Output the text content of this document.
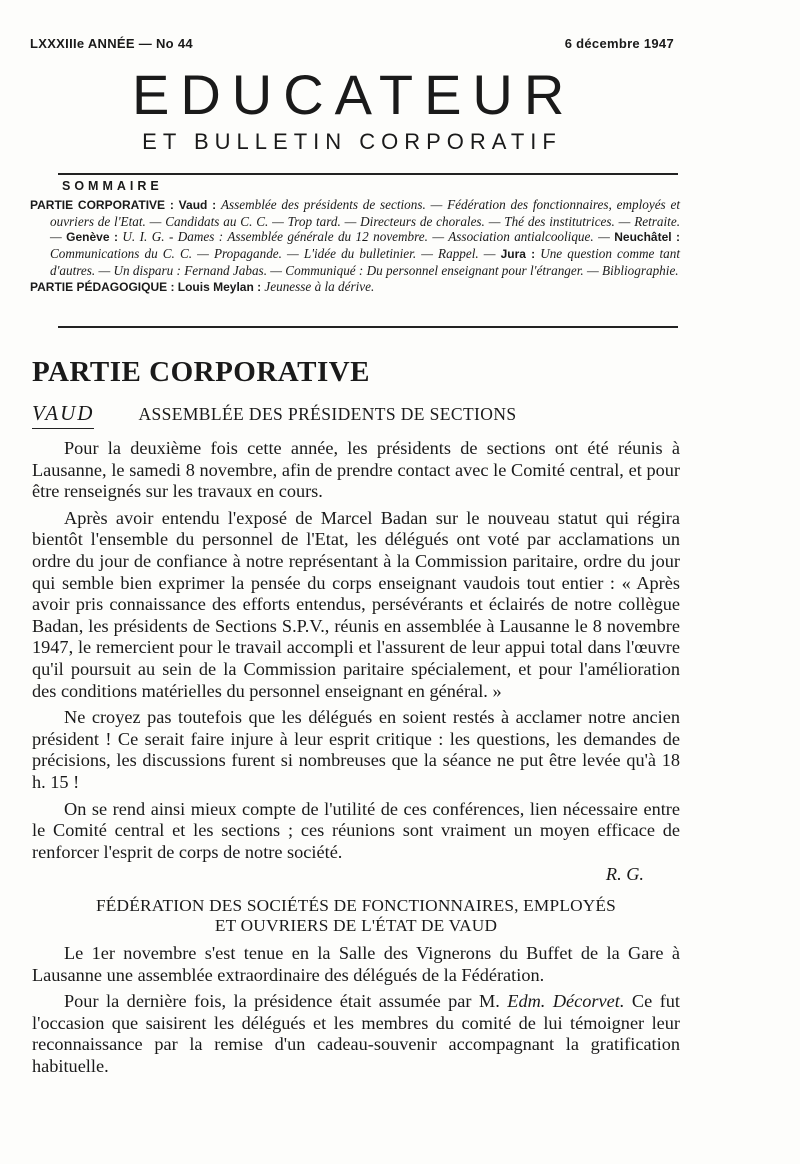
LXXXIIIe ANNÉE — No 44	6 décembre 1947
EDUCATEUR
ET BULLETIN CORPORATIF
SOMMAIRE

PARTIE CORPORATIVE : Vaud : Assemblée des présidents de sections. — Fédération des fonctionnaires, employés et ouvriers de l'Etat. — Candidats au C. C. — Trop tard. — Directeurs de chorales. — Thé des institutrices. — Retraite. — Genève : U. I. G. - Dames : Assemblée générale du 12 novembre. — Association antialcoolique. — Neuchâtel : Communications du C. C. — Propagande. — L'idée du bulletinier. — Rappel. — Jura : Une question comme tant d'autres. — Un disparu : Fernand Jabas. — Communiqué : Du personnel enseignant pour l'étranger. — Bibliographie.

PARTIE PÉDAGOGIQUE : Louis Meylan : Jeunesse à la dérive.

PARTIE CORPORATIVE
VAUD	ASSEMBLÉE DES PRÉSIDENTS DE SECTIONS

Pour la deuxième fois cette année, les présidents de sections ont été réunis à Lausanne, le samedi 8 novembre, afin de prendre contact avec le Comité central, et pour être renseignés sur les travaux en cours.

Après avoir entendu l'exposé de Marcel Badan sur le nouveau statut qui régira bientôt l'ensemble du personnel de l'Etat, les délégués ont voté par acclamations un ordre du jour de confiance à notre représentant à la Commission paritaire, ordre du jour qui semble bien exprimer la pensée du corps enseignant vaudois tout entier : « Après avoir pris connaissance des efforts entendus, persévérants et éclairés de notre collègue Badan, les présidents de Sections S.P.V., réunis en assemblée à Lausanne le 8 novembre 1947, le remercient pour le travail accompli et l'assurent de leur appui total dans l'œuvre qu'il poursuit au sein de la Commission paritaire spécialement, et pour l'amélioration des conditions matérielles du personnel enseignant en général. »

Ne croyez pas toutefois que les délégués en soient restés à acclamer notre ancien président ! Ce serait faire injure à leur esprit critique : les questions, les demandes de précisions, les discussions furent si nombreuses que la séance ne put être levée qu'à 18 h. 15 !

On se rend ainsi mieux compte de l'utilité de ces conférences, lien nécessaire entre le Comité central et les sections ; ces réunions sont vraiment un moyen efficace de renforcer l'esprit de corps de notre société.

R. G.
FÉDÉRATION DES SOCIÉTÉS DE FONCTIONNAIRES, EMPLOYÉS
ET OUVRIERS DE L'ÉTAT DE VAUD

Le 1er novembre s'est tenue en la Salle des Vignerons du Buffet de la Gare à Lausanne une assemblée extraordinaire des délégués de la Fédération.

Pour la dernière fois, la présidence était assumée par M. Edm. Décorvet. Ce fut l'occasion que saisirent les délégués et les membres du comité de lui témoigner leur reconnaissance par la remise d'un cadeau-souvenir accompagnant la gratification habituelle.
